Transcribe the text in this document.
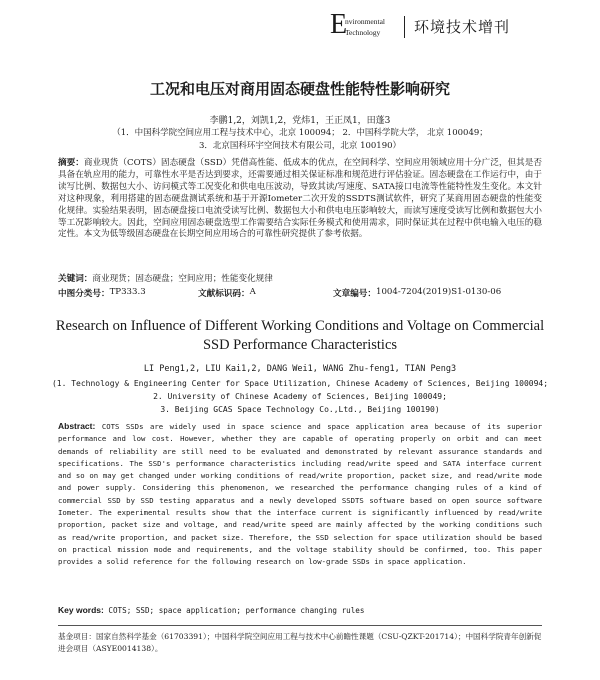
E
nvironmental
Technology 环境技术增刊
工况和电压对商用固态硬盘性能特性影响研究
李鹏1,2，刘凯1,2，党炜1，王正凤1，田蓬3
（1．中国科学院空间应用工程与技术中心，北京 100094； 2．中国科学院大学， 北京 100049；
3．北京国科环宇空间技术有限公司，北京 100190）
摘要：商业现货（COTS）固态硬盘（SSD）凭借高性能、低成本的优点，在空间科学、空间应用领域应用十分广泛，但其是否具备在轨应用的能力，可靠性水平是否达到要求，还需要通过相关保证标准和规范进行评估验证。固态硬盘在工作运行中，由于读写比例、数据包大小、访问模式等工况变化和供电电压波动，导致其读/写速度、SATA接口电流等性能特性发生变化。本文针对这种现象，利用搭建的固态硬盘测试系统和基于开源Iometer二次开发的SSDTS测试软件，研究了某商用固态硬盘的性能变化规律。实验结果表明，固态硬盘接口电流受读写比例、数据包大小和供电电压影响较大，而读写速度受读写比例和数据包大小等工况影响较大。因此，空间应用固态硬盘选型工作需要结合实际任务模式和使用需求，同时保证其在过程中供电输入电压的稳定性。本文为低等级固态硬盘在长期空间应用场合的可靠性研究提供了参考依据。
关键词：商业现货；固态硬盘；空间应用；性能变化规律
中图分类号： TP333.3	文献标识码： A	文章编号： 1004-7204(2019)S1-0130-06
Research on Influence of Different Working Conditions and Voltage on Commercial
SSD Performance Characteristics
LI Peng1,2, LIU Kai1,2, DANG Wei1, WANG Zhu-feng1, TIAN Peng3
(1. Technology & Engineering Center for Space Utilization, Chinese Academy of Sciences, Beijing 100094;
2. University of Chinese Academy of Sciences, Beijing 100049;
3. Beijing GCAS Space Technology Co.,Ltd., Beijing 100190)
Abstract: COTS SSDs are widely used in space science and space application area because of its superior performance and low cost. However, whether they are capable of operating properly on orbit and can meet demands of reliability are still need to be evaluated and demonstrated by relevant assurance standards and specifications. The SSD's performance characteristics including read/write speed and SATA interface current and so on may get changed under working conditions of read/write proportion, packet size, and read/write mode and power supply. Considering this phenomenon, we researched the performance changing rules of a kind of commercial SSD by SSD testing apparatus and a newly developed SSDTS software based on open source software Iometer. The experimental results show that the interface current is significantly influenced by read/write proportion, packet size and voltage, and read/write speed are mainly affected by the working conditions such as read/write proportion, and packet size. Therefore, the SSD selection for space utilization should be based on practical mission mode and requirements, and the voltage stability should be confirmed, too. This paper provides a solid reference for the following research on low-grade SSDs in space application.
Key words: COTS; SSD; space application; performance changing rules
基金项目：国家自然科学基金（61703391）；中国科学院空间应用工程与技术中心前瞻性课题（CSU-QZKT-201714）；中国科学院青年创新促进会项目（ASYE0014138）。
